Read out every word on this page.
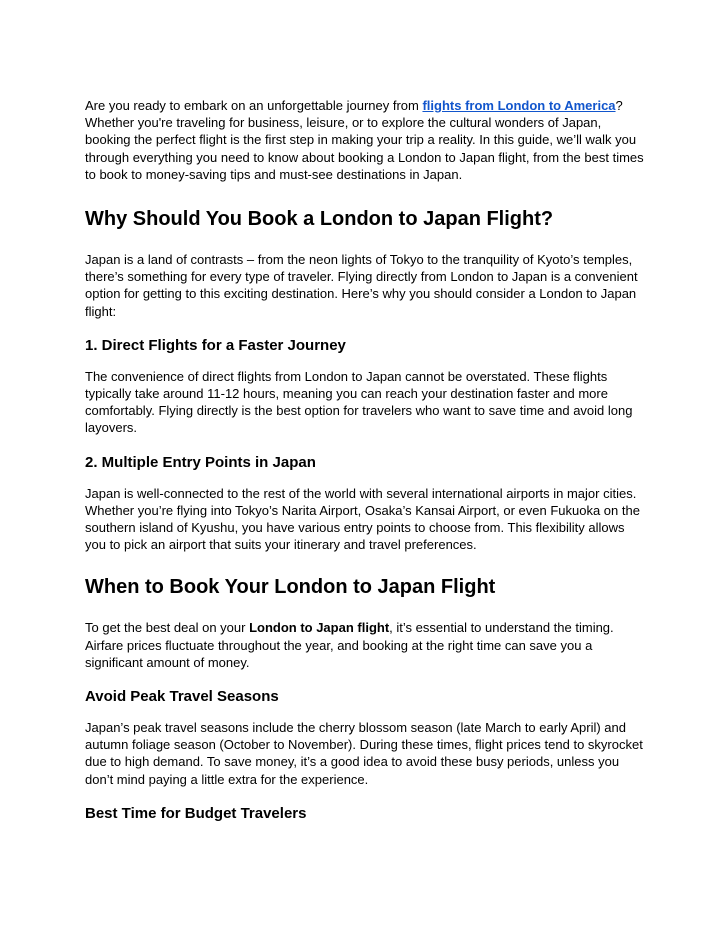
Are you ready to embark on an unforgettable journey from flights from London to America? Whether you're traveling for business, leisure, or to explore the cultural wonders of Japan, booking the perfect flight is the first step in making your trip a reality. In this guide, we’ll walk you through everything you need to know about booking a London to Japan flight, from the best times to book to money-saving tips and must-see destinations in Japan.

Why Should You Book a London to Japan Flight?

Japan is a land of contrasts – from the neon lights of Tokyo to the tranquility of Kyoto’s temples, there’s something for every type of traveler. Flying directly from London to Japan is a convenient option for getting to this exciting destination. Here’s why you should consider a London to Japan flight:

1. Direct Flights for a Faster Journey

The convenience of direct flights from London to Japan cannot be overstated. These flights typically take around 11-12 hours, meaning you can reach your destination faster and more comfortably. Flying directly is the best option for travelers who want to save time and avoid long layovers.

2. Multiple Entry Points in Japan

Japan is well-connected to the rest of the world with several international airports in major cities. Whether you’re flying into Tokyo’s Narita Airport, Osaka’s Kansai Airport, or even Fukuoka on the southern island of Kyushu, you have various entry points to choose from. This flexibility allows you to pick an airport that suits your itinerary and travel preferences.

When to Book Your London to Japan Flight

To get the best deal on your London to Japan flight, it’s essential to understand the timing. Airfare prices fluctuate throughout the year, and booking at the right time can save you a significant amount of money.

Avoid Peak Travel Seasons

Japan’s peak travel seasons include the cherry blossom season (late March to early April) and autumn foliage season (October to November). During these times, flight prices tend to skyrocket due to high demand. To save money, it’s a good idea to avoid these busy periods, unless you don’t mind paying a little extra for the experience.

Best Time for Budget Travelers
